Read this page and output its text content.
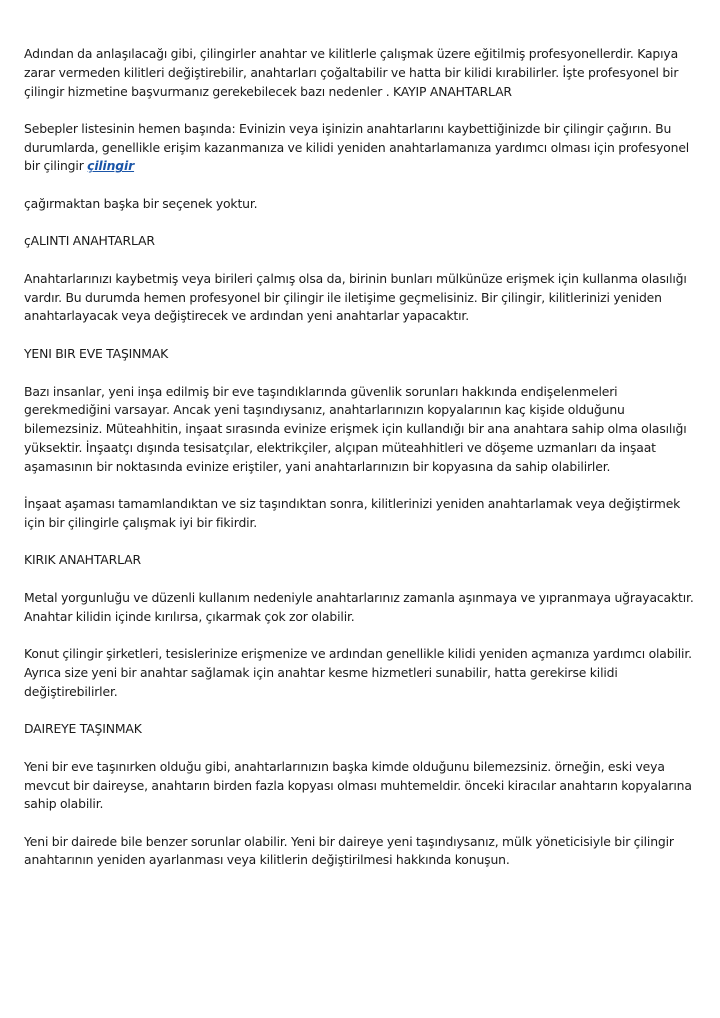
Adından da anlaşılacağı gibi, çilingirler anahtar ve kilitlerle çalışmak üzere eğitilmiş profesyonellerdir. Kapıya zarar vermeden kilitleri değiştirebilir, anahtarları çoğaltabilir ve hatta bir kilidi kırabilirler. İşte profesyonel bir çilingir hizmetine başvurmanız gerekebilecek bazı nedenler . KAYIP ANAHTARLAR

Sebepler listesinin hemen başında: Evinizin veya işinizin anahtarlarını kaybettiğinizde bir çilingir çağırın. Bu durumlarda, genellikle erişim kazanmanıza ve kilidi yeniden anahtarlamanıza yardımcı olması için profesyonel bir çilingir çilingir

çağırmaktan başka bir seçenek yoktur.

çALINTI ANAHTARLAR

Anahtarlarınızı kaybetmiş veya birileri çalmış olsa da, birinin bunları mülkünüze erişmek için kullanma olasılığı vardır. Bu durumda hemen profesyonel bir çilingir ile iletişime geçmelisiniz. Bir çilingir, kilitlerinizi yeniden anahtarlayacak veya değiştirecek ve ardından yeni anahtarlar yapacaktır.

YENI BIR EVE TAŞINMAK

Bazı insanlar, yeni inşa edilmiş bir eve taşındıklarında güvenlik sorunları hakkında endişelenmeleri gerekmediğini varsayar. Ancak yeni taşındıysanız, anahtarlarınızın kopyalarının kaç kişide olduğunu bilemezsiniz. Müteahhitin, inşaat sırasında evinize erişmek için kullandığı bir ana anahtara sahip olma olasılığı yüksektir. İnşaatçı dışında tesisatçılar, elektrikçiler, alçıpan müteahhitleri ve döşeme uzmanları da inşaat aşamasının bir noktasında evinize eriştiler, yani anahtarlarınızın bir kopyasına da sahip olabilirler.

İnşaat aşaması tamamlandıktan ve siz taşındıktan sonra, kilitlerinizi yeniden anahtarlamak veya değiştirmek için bir çilingirle çalışmak iyi bir fikirdir.

KIRIK ANAHTARLAR

Metal yorgunluğu ve düzenli kullanım nedeniyle anahtarlarınız zamanla aşınmaya ve yıpranmaya uğrayacaktır. Anahtar kilidin içinde kırılırsa, çıkarmak çok zor olabilir.

Konut çilingir şirketleri, tesislerinize erişmenize ve ardından genellikle kilidi yeniden açmanıza yardımcı olabilir. Ayrıca size yeni bir anahtar sağlamak için anahtar kesme hizmetleri sunabilir, hatta gerekirse kilidi değiştirebilirler.

DAIREYE TAŞINMAK

Yeni bir eve taşınırken olduğu gibi, anahtarlarınızın başka kimde olduğunu bilemezsiniz. örneğin, eski veya mevcut bir daireyse, anahtarın birden fazla kopyası olması muhtemeldir. önceki kiracılar anahtarın kopyalarına sahip olabilir.

Yeni bir dairede bile benzer sorunlar olabilir. Yeni bir daireye yeni taşındıysanız, mülk yöneticisiyle bir çilingir anahtarının yeniden ayarlanması veya kilitlerin değiştirilmesi hakkında konuşun.
